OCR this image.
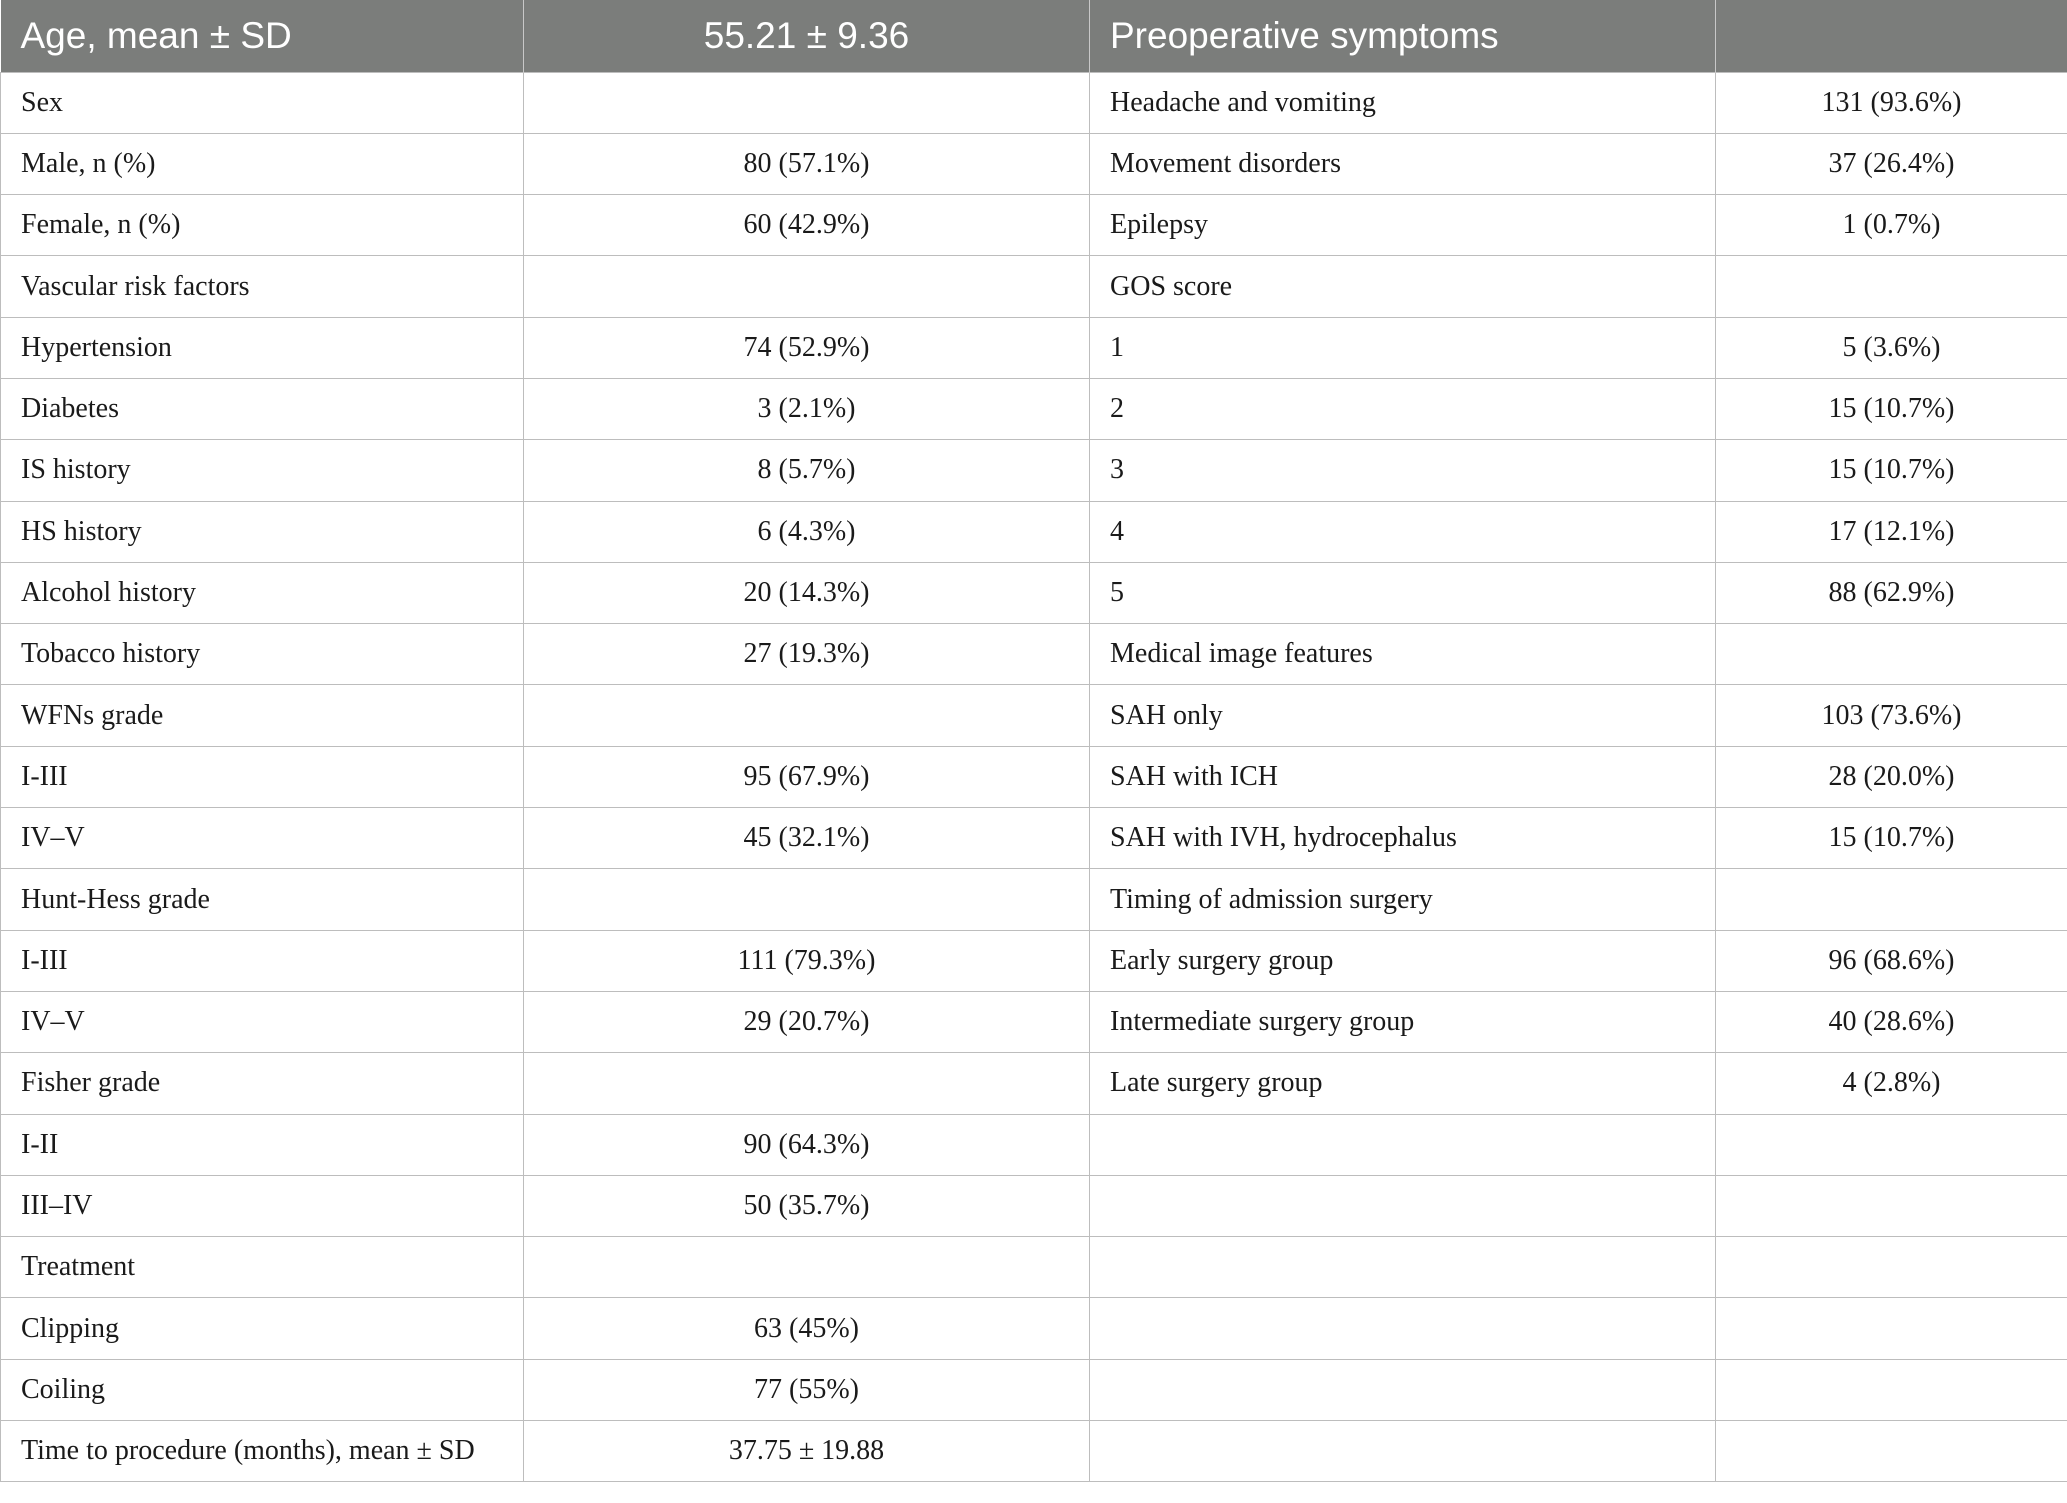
Age, mean ± SD	55.21 ± 9.36	Preoperative symptoms	
Sex		Headache and vomiting	131 (93.6%)
Male, n (%)	80 (57.1%)	Movement disorders	37 (26.4%)
Female, n (%)	60 (42.9%)	Epilepsy	1 (0.7%)
Vascular risk factors		GOS score	
Hypertension	74 (52.9%)	1	5 (3.6%)
Diabetes	3 (2.1%)	2	15 (10.7%)
IS history	8 (5.7%)	3	15 (10.7%)
HS history	6 (4.3%)	4	17 (12.1%)
Alcohol history	20 (14.3%)	5	88 (62.9%)
Tobacco history	27 (19.3%)	Medical image features	
WFNs grade		SAH only	103 (73.6%)
I-III	95 (67.9%)	SAH with ICH	28 (20.0%)
IV–V	45 (32.1%)	SAH with IVH, hydrocephalus	15 (10.7%)
Hunt-Hess grade		Timing of admission surgery	
I-III	111 (79.3%)	Early surgery group	96 (68.6%)
IV–V	29 (20.7%)	Intermediate surgery group	40 (28.6%)
Fisher grade		Late surgery group	4 (2.8%)
I-II	90 (64.3%)		
III–IV	50 (35.7%)		
Treatment			
Clipping	63 (45%)		
Coiling	77 (55%)		
Time to procedure (months), mean ± SD	37.75 ± 19.88		
